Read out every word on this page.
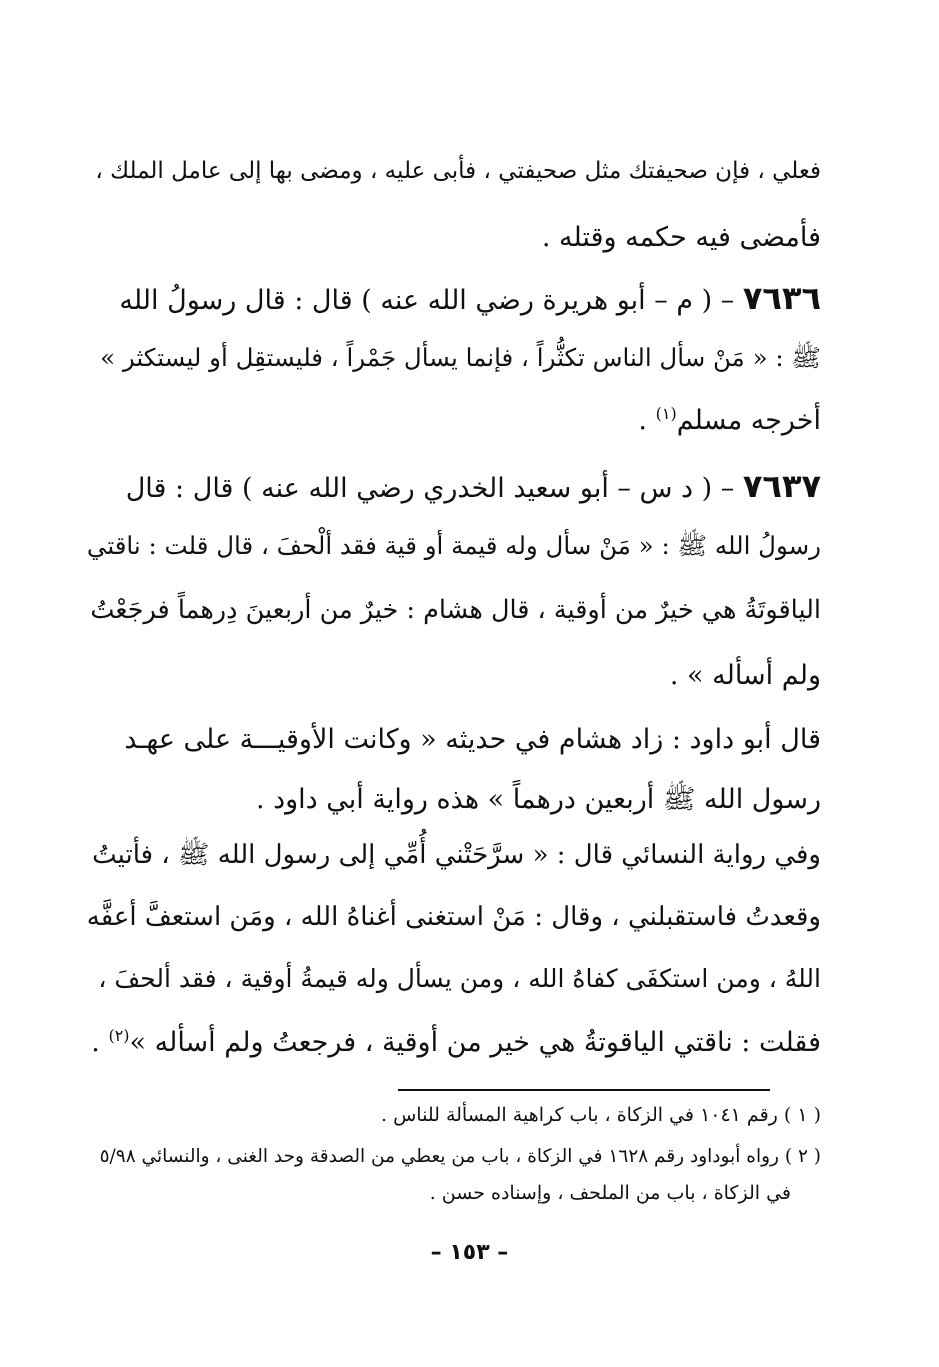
فعلي ، فإن صحيفتك مثل صحيفتي ، فأبى عليه ، ومضى بها إلى عامل الملك ،
فأمضى فيه حكمه وقتله .
٧٦٣٦ – ( م – أبو هريرة رضي الله عنه ) قال : قال رسولُ الله
ﷺ : « مَنْ سأل الناس تكثُّراً ، فإنما يسأل جَمْراً ، فليستقِل أو ليستكثر »
أخرجه مسلم$^{(١)}$ .
٧٦٣٧ – ( د س – أبو سعيد الخدري رضي الله عنه ) قال : قال
رسولُ الله ﷺ : « مَنْ سأل وله قيمة أو قية فقد ألْحفَ ، قال قلت : ناقتي
الياقوتَةُ هي خيرٌ من أوقية ، قال هشام : خيرٌ من أربعينَ دِرهماً فرجَعْتُ
ولم أسأله » .
قال أبو داود : زاد هشام في حديثه « وكانت الأوقيـــة على عهـد
رسول الله ﷺ أربعين درهماً » هذه رواية أبي داود .
وفي رواية النسائي قال : « سرَّحَتْني أُمِّي إلى رسول الله ﷺ ، فأتيتُ
وقعدتُ فاستقبلني ، وقال : مَنْ استغنى أغناهُ الله ، ومَن استعفَّ أعفَّه
اللهُ ، ومن استكفَى كفاهُ الله ، ومن يسأل وله قيمةُ أوقية ، فقد ألحفَ ،
فقلت : ناقتي الياقوتةُ هي خير من أوقية ، فرجعتُ ولم أسأله »$^{(٢)}$ .
( ١ ) رقم ١٠٤١ في الزكاة ، باب كراهية المسألة للناس .
( ٢ ) رواه أبوداود رقم ١٦٢٨ في الزكاة ، باب من يعطي من الصدقة وحد الغنى ، والنسائي ٥/٩٨
في الزكاة ، باب من الملحف ، وإسناده حسن .
– ١٥٣ –
